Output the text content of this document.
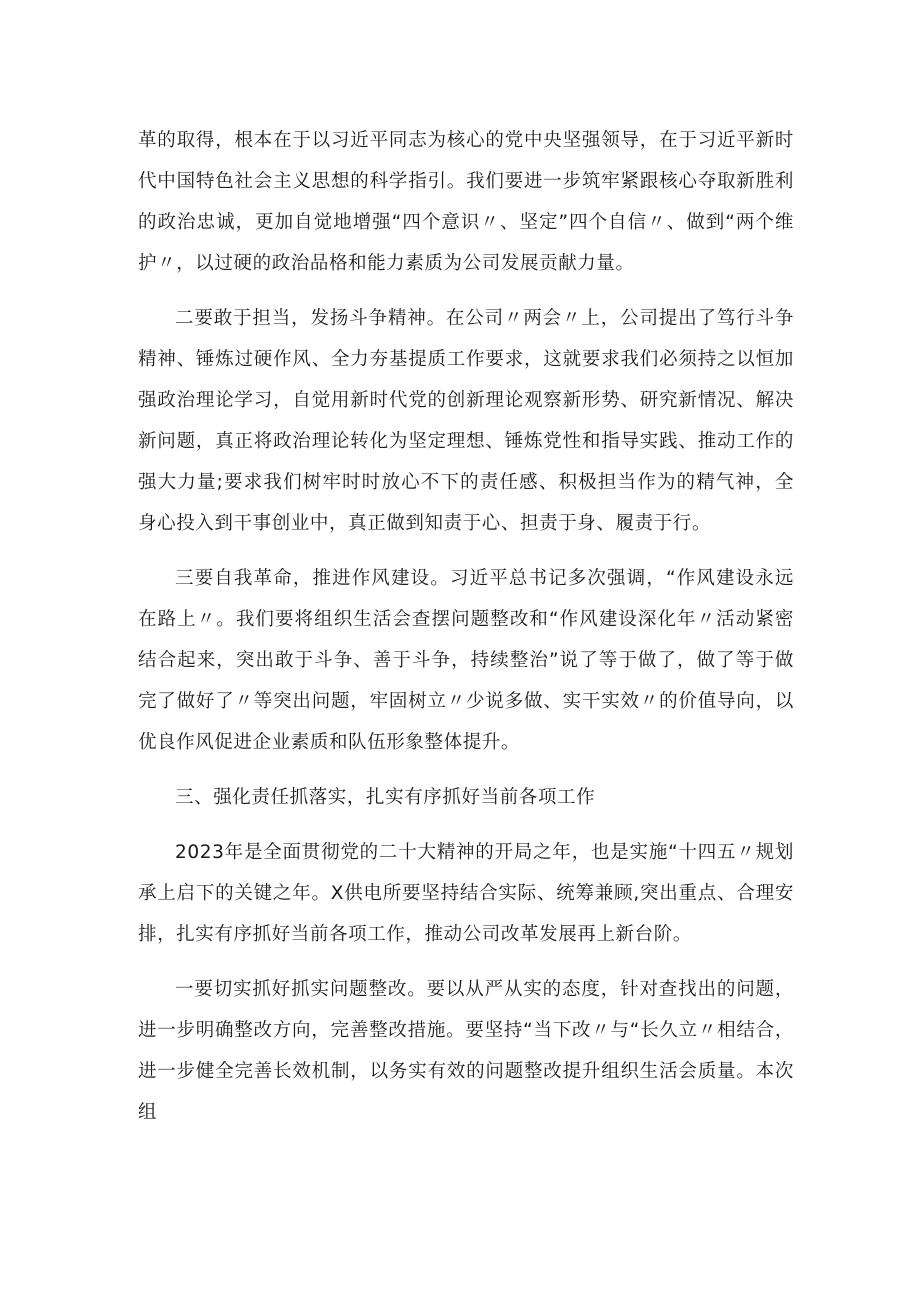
革的取得，根本在于以习近平同志为核心的党中央坚强领导，在于习近平新时代中国特色社会主义思想的科学指引。我们要进一步筑牢紧跟核心夺取新胜利的政治忠诚，更加自觉地增强“四个意识〃、坚定”四个自信〃、做到“两个维护〃，以过硬的政治品格和能力素质为公司发展贡献力量。

二要敢于担当，发扬斗争精神。在公司〃两会〃上，公司提出了笃行斗争精神、锤炼过硬作风、全力夯基提质工作要求，这就要求我们必须持之以恒加强政治理论学习，自觉用新时代党的创新理论观察新形势、研究新情况、解决新问题，真正将政治理论转化为坚定理想、锤炼党性和指导实践、推动工作的强大力量;要求我们树牢时时放心不下的责任感、积极担当作为的精气神，全身心投入到干事创业中，真正做到知责于心、担责于身、履责于行。

三要自我革命，推进作风建设。习近平总书记多次强调，“作风建设永远在路上〃。我们要将组织生活会查摆问题整改和“作风建设深化年〃活动紧密结合起来，突出敢于斗争、善于斗争，持续整治”说了等于做了，做了等于做完了做好了〃等突出问题，牢固树立〃少说多做、实干实效〃的价值导向，以优良作风促进企业素质和队伍形象整体提升。

三、强化责任抓落实，扎实有序抓好当前各项工作

2023年是全面贯彻党的二十大精神的开局之年，也是实施“十四五〃规划承上启下的关键之年。X供电所要坚持结合实际、统筹兼顾,突出重点、合理安排，扎实有序抓好当前各项工作，推动公司改革发展再上新台阶。

一要切实抓好抓实问题整改。要以从严从实的态度，针对查找出的问题，进一步明确整改方向，完善整改措施。要坚持“当下改〃与“长久立〃相结合，进一步健全完善长效机制，以务实有效的问题整改提升组织生活会质量。本次组
